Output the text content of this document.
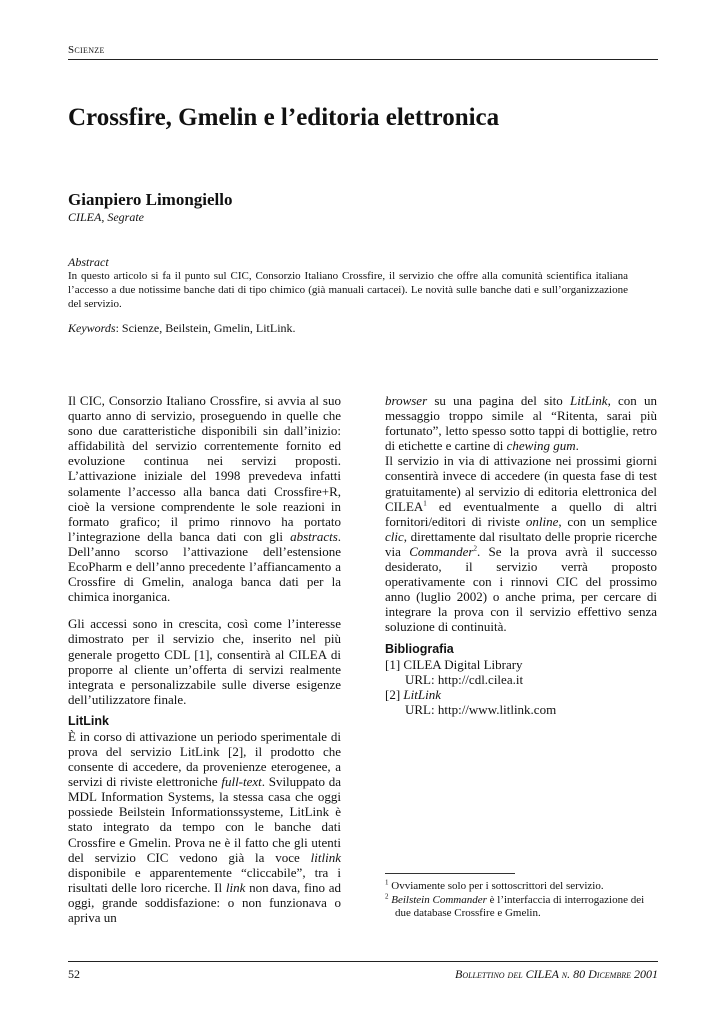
Scienze
Crossfire, Gmelin e l’editoria elettronica
Gianpiero Limongiello
CILEA, Segrate
Abstract
In questo articolo si fa il punto sul CIC, Consorzio Italiano Crossfire, il servizio che offre alla comunità scientifica italiana l’accesso a due notissime banche dati di tipo chimico (già manuali cartacei). Le novità sulle banche dati e sull’organizzazione del servizio.
Keywords: Scienze, Beilstein, Gmelin, LitLink.

Il CIC, Consorzio Italiano Crossfire, si avvia al suo quarto anno di servizio, proseguendo in quelle che sono due caratteristiche disponibili sin dall’inizio: affidabilità del servizio correntemente fornito ed evoluzione continua nei servizi proposti. L’attivazione iniziale del 1998 prevedeva infatti solamente l’accesso alla banca dati Crossfire+R, cioè la versione comprendente le sole reazioni in formato grafico; il primo rinnovo ha portato l’integrazione della banca dati con gli abstracts. Dell’anno scorso l’attivazione dell’estensione EcoPharm e dell’anno precedente l’affiancamento a Crossfire di Gmelin, analoga banca dati per la chimica inorganica.

Gli accessi sono in crescita, così come l’interesse dimostrato per il servizio che, inserito nel più generale progetto CDL [1], consentirà al CILEA di proporre al cliente un’offerta di servizi realmente integrata e personalizzabile sulle diverse esigenze dell’utilizzatore finale.

LitLink

È in corso di attivazione un periodo sperimentale di prova del servizio LitLink [2], il prodotto che consente di accedere, da provenienze eterogenee, a servizi di riviste elettroniche full-text. Sviluppato da MDL Information Systems, la stessa casa che oggi possiede Beilstein Informationssysteme, LitLink è stato integrato da tempo con le banche dati Crossfire e Gmelin. Prova ne è il fatto che gli utenti del servizio CIC vedono già la voce litlink disponibile e apparentemente “cliccabile”, tra i risultati delle loro ricerche. Il link non dava, fino ad oggi, grande soddisfazione: o non funzionava o apriva un

browser su una pagina del sito LitLink, con un messaggio troppo simile al “Ritenta, sarai più fortunato”, letto spesso sotto tappi di bottiglie, retro di etichette e cartine di chewing gum.

Il servizio in via di attivazione nei prossimi giorni consentirà invece di accedere (in questa fase di test gratuitamente) al servizio di editoria elettronica del CILEA$^1$ ed eventualmente a quello di altri fornitori/editori di riviste online, con un semplice clic, direttamente dal risultato delle proprie ricerche via Commander$^2$. Se la prova avrà il successo desiderato, il servizio verrà proposto operativamente con i rinnovi CIC del prossimo anno (luglio 2002) o anche prima, per cercare di integrare la prova con il servizio effettivo senza soluzione di continuità.

Bibliografia

[1] CILEA Digital Library

URL: http://cdl.cilea.it

[2] LitLink

URL: http://www.litlink.com

$^1$ Ovviamente solo per i sottoscrittori del servizio.

$^2$ Beilstein Commander è l’interfaccia di interrogazione dei due database Crossfire e Gmelin.

52	Bollettino del CILEA n. 80 Dicembre 2001
